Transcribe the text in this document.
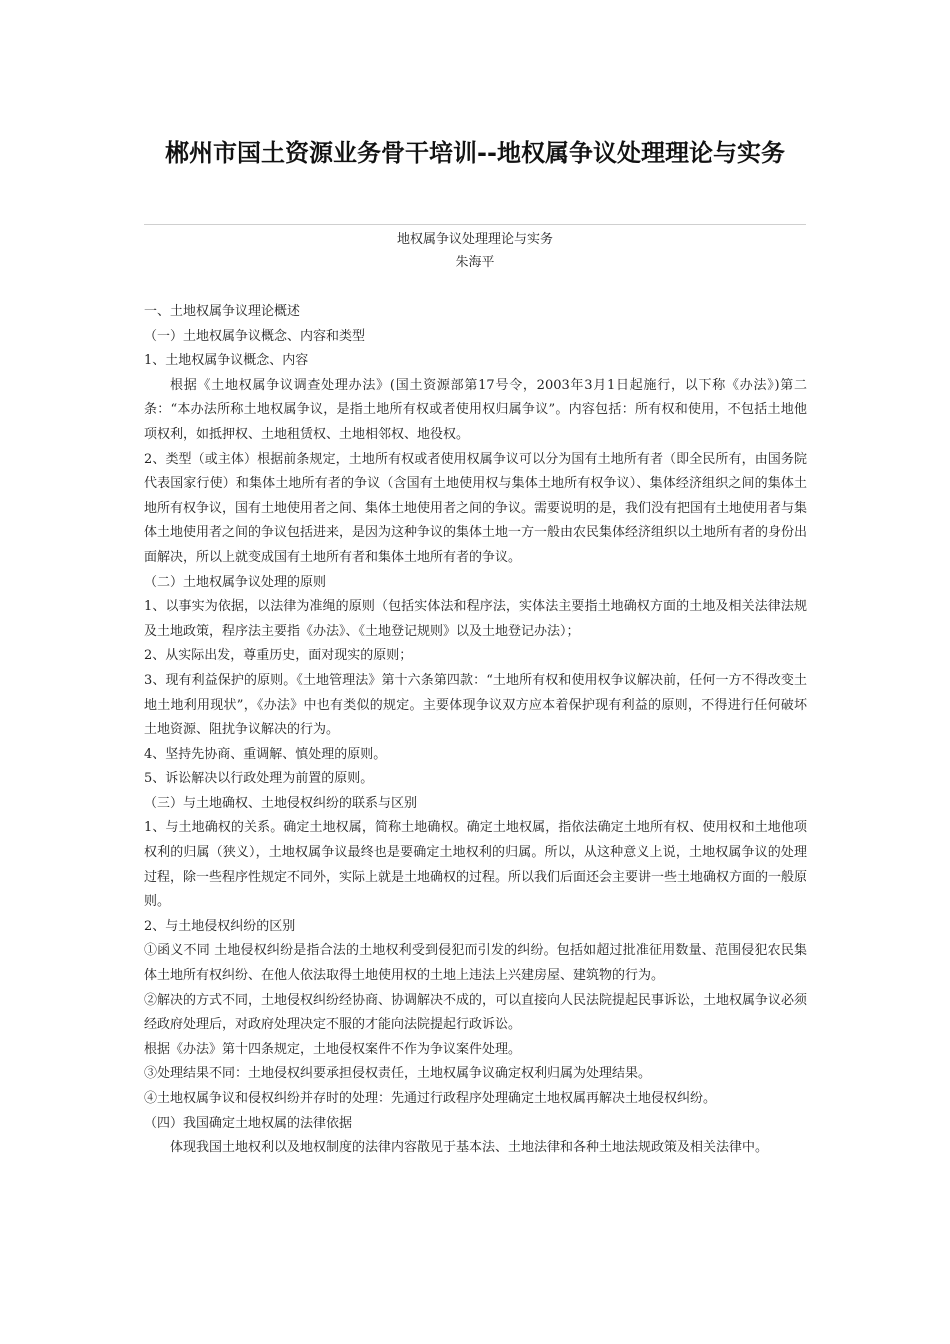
郴州市国土资源业务骨干培训--地权属争议处理理论与实务
地权属争议处理理论与实务
朱海平

一、土地权属争议理论概述

（一）土地权属争议概念、内容和类型

1、土地权属争议概念、内容

根据《土地权属争议调查处理办法》(国土资源部第17号令，2003年3月1日起施行，以下称《办法》)第二条：“本办法所称土地权属争议，是指土地所有权或者使用权归属争议”。内容包括：所有权和使用，不包括土地他项权利，如抵押权、土地租赁权、土地相邻权、地役权。

2、类型（或主体）根据前条规定，土地所有权或者使用权属争议可以分为国有土地所有者（即全民所有，由国务院代表国家行使）和集体土地所有者的争议（含国有土地使用权与集体土地所有权争议）、集体经济组织之间的集体土地所有权争议，国有土地使用者之间、集体土地使用者之间的争议。需要说明的是，我们没有把国有土地使用者与集体土地使用者之间的争议包括进来，是因为这种争议的集体土地一方一般由农民集体经济组织以土地所有者的身份出面解决，所以上就变成国有土地所有者和集体土地所有者的争议。

（二）土地权属争议处理的原则

1、以事实为依据，以法律为准绳的原则（包括实体法和程序法，实体法主要指土地确权方面的土地及相关法律法规及土地政策，程序法主要指《办法》、《土地登记规则》以及土地登记办法）；

2、从实际出发，尊重历史，面对现实的原则；

3、现有利益保护的原则。《土地管理法》第十六条第四款：“土地所有权和使用权争议解决前，任何一方不得改变土地土地利用现状”，《办法》中也有类似的规定。主要体现争议双方应本着保护现有利益的原则，不得进行任何破坏土地资源、阻扰争议解决的行为。

4、坚持先协商、重调解、慎处理的原则。

5、诉讼解决以行政处理为前置的原则。

（三）与土地确权、土地侵权纠纷的联系与区别

1、与土地确权的关系。确定土地权属，简称土地确权。确定土地权属，指依法确定土地所有权、使用权和土地他项权利的归属（狭义），土地权属争议最终也是要确定土地权利的归属。所以，从这种意义上说，土地权属争议的处理过程，除一些程序性规定不同外，实际上就是土地确权的过程。所以我们后面还会主要讲一些土地确权方面的一般原则。

2、与土地侵权纠纷的区别

①函义不同 土地侵权纠纷是指合法的土地权利受到侵犯而引发的纠纷。包括如超过批准征用数量、范围侵犯农民集体土地所有权纠纷、在他人依法取得土地使用权的土地上违法上兴建房屋、建筑物的行为。

②解决的方式不同，土地侵权纠纷经协商、协调解决不成的，可以直接向人民法院提起民事诉讼，土地权属争议必须经政府处理后，对政府处理决定不服的才能向法院提起行政诉讼。

根据《办法》第十四条规定，土地侵权案件不作为争议案件处理。

③处理结果不同：土地侵权纠要承担侵权责任，土地权属争议确定权利归属为处理结果。

④土地权属争议和侵权纠纷并存时的处理：先通过行政程序处理确定土地权属再解决土地侵权纠纷。

（四）我国确定土地权属的法律依据

体现我国土地权利以及地权制度的法律内容散见于基本法、土地法律和各种土地法规政策及相关法律中。
